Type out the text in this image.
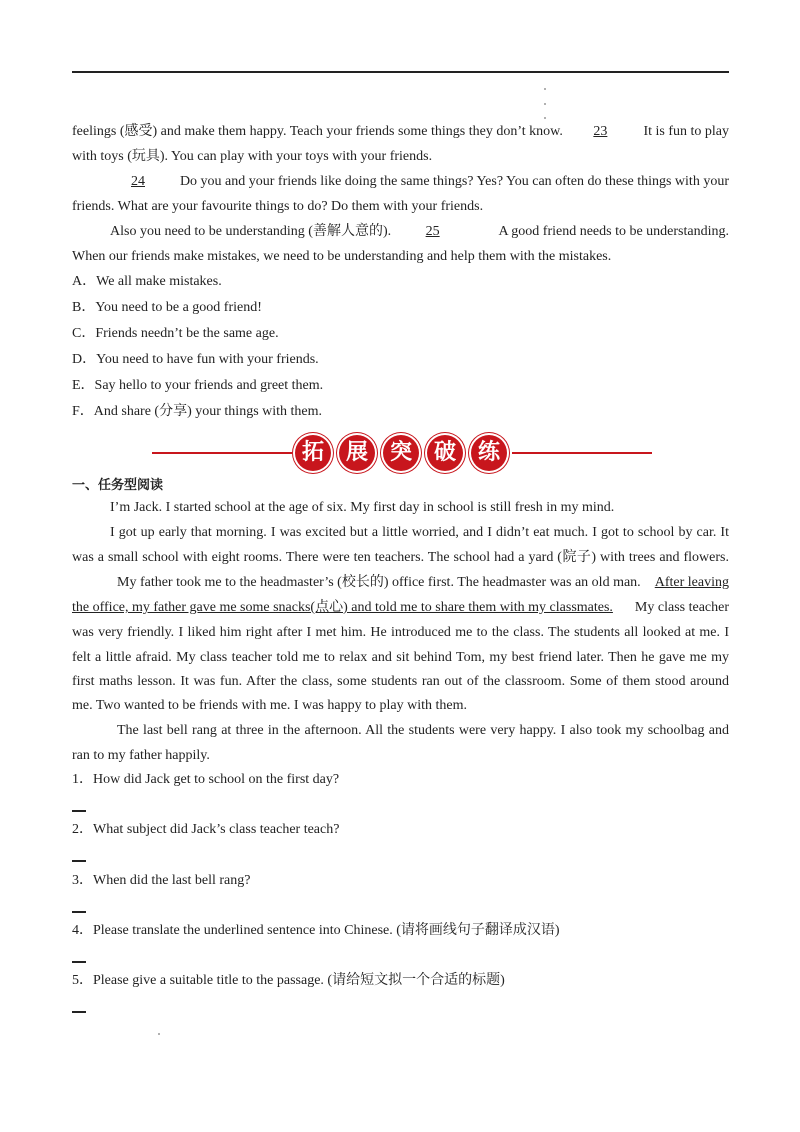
feelings (感受) and make them happy. Teach your friends some things they don’t know. 23	It is fun to play
with toys (玩具). You can play with your toys with your friends.
24 Do you and your friends like doing the same things? Yes? You can often do these things with your
friends. What are your favourite things to do? Do them with your friends.
Also you need to be understanding (善解人意的). 25	A good friend needs to be understanding.
When our friends make mistakes, we need to be understanding and help them with the mistakes.
A．We all make mistakes.
B．You need to be a good friend!
C．Friends needn’t be the same age.
D．You need to have fun with your friends.
E．Say hello to your friends and greet them.
F．And share (分享) your things with them.
拓 展 突 破 练
一、任务型阅读
I’m Jack. I started school at the age of six. My first day in school is still fresh in my mind.
I got up early that morning. I was excited but a little worried, and I didn’t eat much. I got to school by car. It
was a small school with eight rooms. There were ten teachers. The school had a yard (院子) with trees and flowers.
My father took me to the headmaster’s (校长的) office first. The headmaster was an old man. After leaving
the office, my father gave me some snacks(点心) and told me to share them with my classmates. My class teacher
was very friendly. I liked him right after I met him. He introduced me to the class. The students all looked at me. I
felt a little afraid. My class teacher told me to relax and sit behind Tom, my best friend later. Then he gave me my
first maths lesson. It was fun. After the class, some students ran out of the classroom. Some of them stood around
me. Two wanted to be friends with me. I was happy to play with them.
The last bell rang at three in the afternoon. All the students were very happy. I also took my schoolbag and
ran to my father happily.
1．How did Jack get to school on the first day?
2．What subject did Jack’s class teacher teach?
3．When did the last bell rang?
4．Please translate the underlined sentence into Chinese. (请将画线句子翻译成汉语)
5．Please give a suitable title to the passage. (请给短文拟一个合适的标题)
